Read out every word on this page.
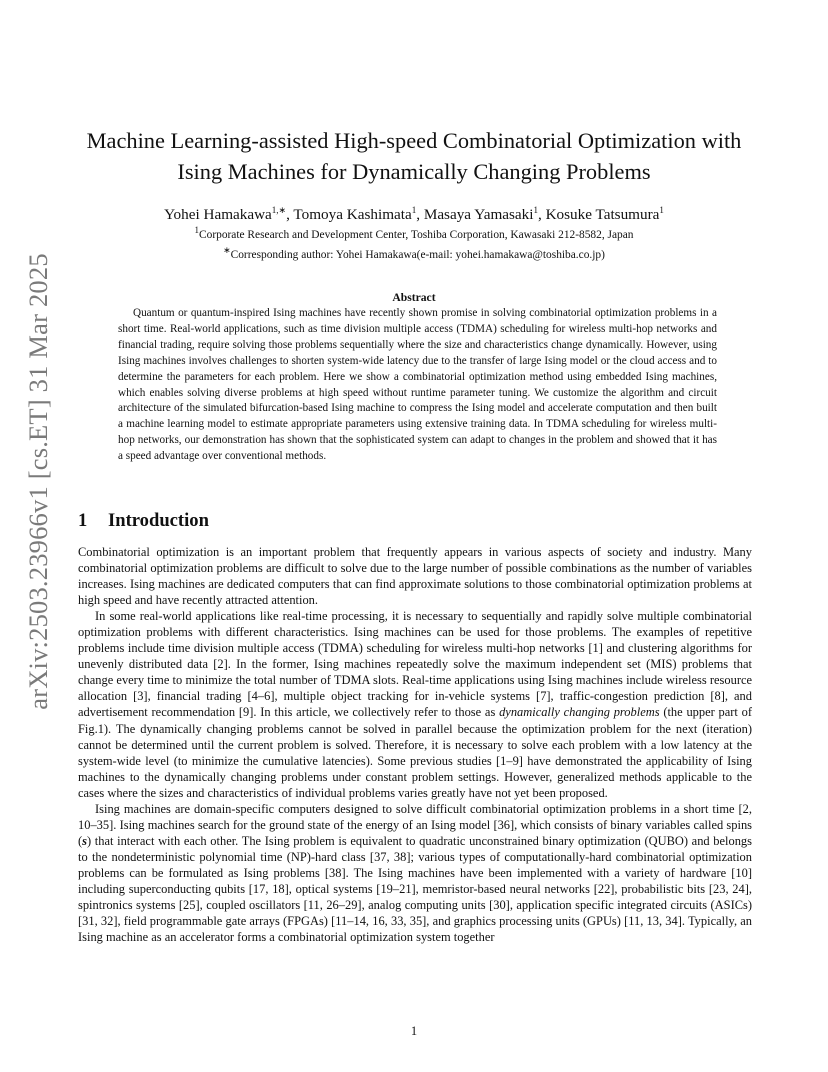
arXiv:2503.23966v1 [cs.ET] 31 Mar 2025
Machine Learning-assisted High-speed Combinatorial Optimization with
Ising Machines for Dynamically Changing Problems
Yohei Hamakawa$^{1,∗}$, Tomoya Kashimata$^1$, Masaya Yamasaki$^1$, Kosuke Tatsumura$^1$
$^1$Corporate Research and Development Center, Toshiba Corporation, Kawasaki 212-8582, Japan
∗Corresponding author: Yohei Hamakawa(e-mail: yohei.hamakawa@toshiba.co.jp)
Abstract
Quantum or quantum-inspired Ising machines have recently shown promise in solving combinatorial optimization problems in a short time. Real-world applications, such as time division multiple access (TDMA) scheduling for wireless multi-hop networks and financial trading, require solving those problems sequentially where the size and characteristics change dynamically. However, using Ising machines involves challenges to shorten system-wide latency due to the transfer of large Ising model or the cloud access and to determine the parameters for each problem. Here we show a combinatorial optimization method using embedded Ising machines, which enables solving diverse problems at high speed without runtime parameter tuning. We customize the algorithm and circuit architecture of the simulated bifurcation-based Ising machine to compress the Ising model and accelerate computation and then built a machine learning model to estimate appropriate parameters using extensive training data. In TDMA scheduling for wireless multi-hop networks, our demonstration has shown that the sophisticated system can adapt to changes in the problem and showed that it has a speed advantage over conventional methods.
1 Introduction

Combinatorial optimization is an important problem that frequently appears in various aspects of society and industry. Many combinatorial optimization problems are difficult to solve due to the large number of possible combinations as the number of variables increases. Ising machines are dedicated computers that can find approximate solutions to those combinatorial optimization problems at high speed and have recently attracted attention.

In some real-world applications like real-time processing, it is necessary to sequentially and rapidly solve multiple combinatorial optimization problems with different characteristics. Ising machines can be used for those problems. The examples of repetitive problems include time division multiple access (TDMA) scheduling for wireless multi-hop networks [1] and clustering algorithms for unevenly distributed data [2]. In the former, Ising machines repeatedly solve the maximum independent set (MIS) problems that change every time to minimize the total number of TDMA slots. Real-time applications using Ising machines include wireless resource allocation [3], financial trading [4–6], multiple object tracking for in-vehicle systems [7], traffic-congestion prediction [8], and advertisement recommendation [9]. In this article, we collectively refer to those as dynamically changing problems (the upper part of Fig.1). The dynamically changing problems cannot be solved in parallel because the optimization problem for the next (iteration) cannot be determined until the current problem is solved. Therefore, it is necessary to solve each problem with a low latency at the system-wide level (to minimize the cumulative latencies). Some previous studies [1–9] have demonstrated the applicability of Ising machines to the dynamically changing problems under constant problem settings. However, generalized methods applicable to the cases where the sizes and characteristics of individual problems varies greatly have not yet been proposed.

Ising machines are domain-specific computers designed to solve difficult combinatorial optimization problems in a short time [2, 10–35]. Ising machines search for the ground state of the energy of an Ising model [36], which consists of binary variables called spins (s) that interact with each other. The Ising problem is equivalent to quadratic unconstrained binary optimization (QUBO) and belongs to the nondeterministic polynomial time (NP)-hard class [37, 38]; various types of computationally-hard combinatorial optimization problems can be formulated as Ising problems [38]. The Ising machines have been implemented with a variety of hardware [10] including superconducting qubits [17, 18], optical systems [19–21], memristor-based neural networks [22], probabilistic bits [23, 24], spintronics systems [25], coupled oscillators [11, 26–29], analog computing units [30], application specific integrated circuits (ASICs) [31, 32], field programmable gate arrays (FPGAs) [11–14, 16, 33, 35], and graphics processing units (GPUs) [11, 13, 34]. Typically, an Ising machine as an accelerator forms a combinatorial optimization system together

1
